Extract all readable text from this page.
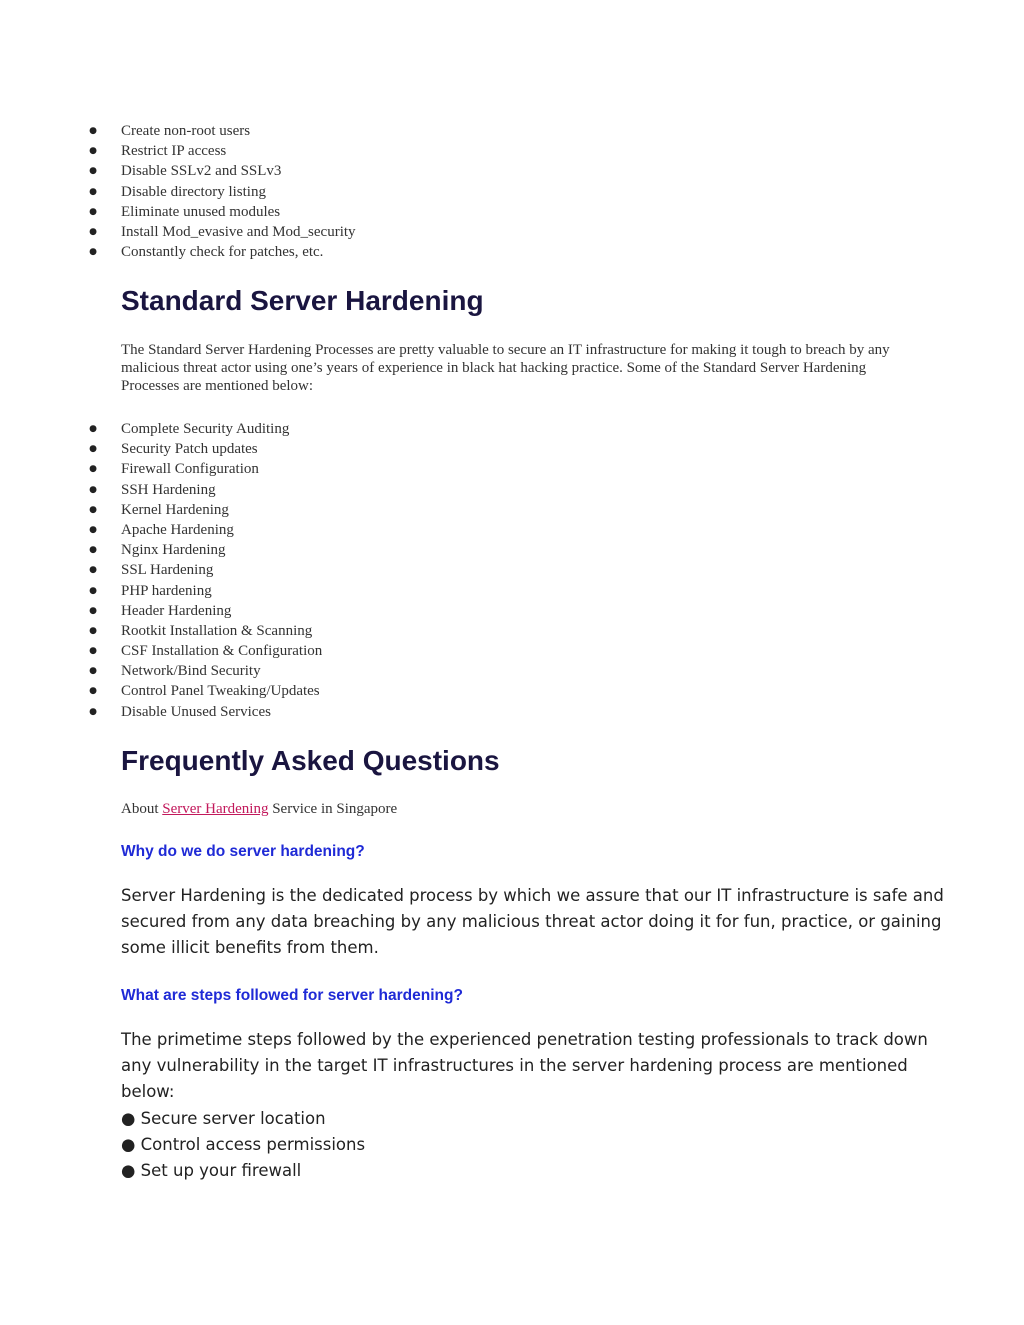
● Create non-root users
● Restrict IP access
● Disable SSLv2 and SSLv3
● Disable directory listing
● Eliminate unused modules
● Install Mod_evasive and Mod_security
● Constantly check for patches, etc.
Standard Server Hardening

The Standard Server Hardening Processes are pretty valuable to secure an IT infrastructure for making it tough to breach by any malicious threat actor using one’s years of experience in black hat hacking practice. Some of the Standard Server Hardening Processes are mentioned below:

● Complete Security Auditing
● Security Patch updates
● Firewall Configuration
● SSH Hardening
● Kernel Hardening
● Apache Hardening
● Nginx Hardening
● SSL Hardening
● PHP hardening
● Header Hardening
● Rootkit Installation & Scanning
● CSF Installation & Configuration
● Network/Bind Security
● Control Panel Tweaking/Updates
● Disable Unused Services
Frequently Asked Questions

About Server Hardening Service in Singapore

Why do we do server hardening?
Server Hardening is the dedicated process by which we assure that our IT infrastructure is safe and
secured from any data breaching by any malicious threat actor doing it for fun, practice, or gaining
some illicit benefits from them.
What are steps followed for server hardening?
The primetime steps followed by the experienced penetration testing professionals to track down
any vulnerability in the target IT infrastructures in the server hardening process are mentioned
below:
● Secure server location
● Control access permissions
● Set up your firewall
